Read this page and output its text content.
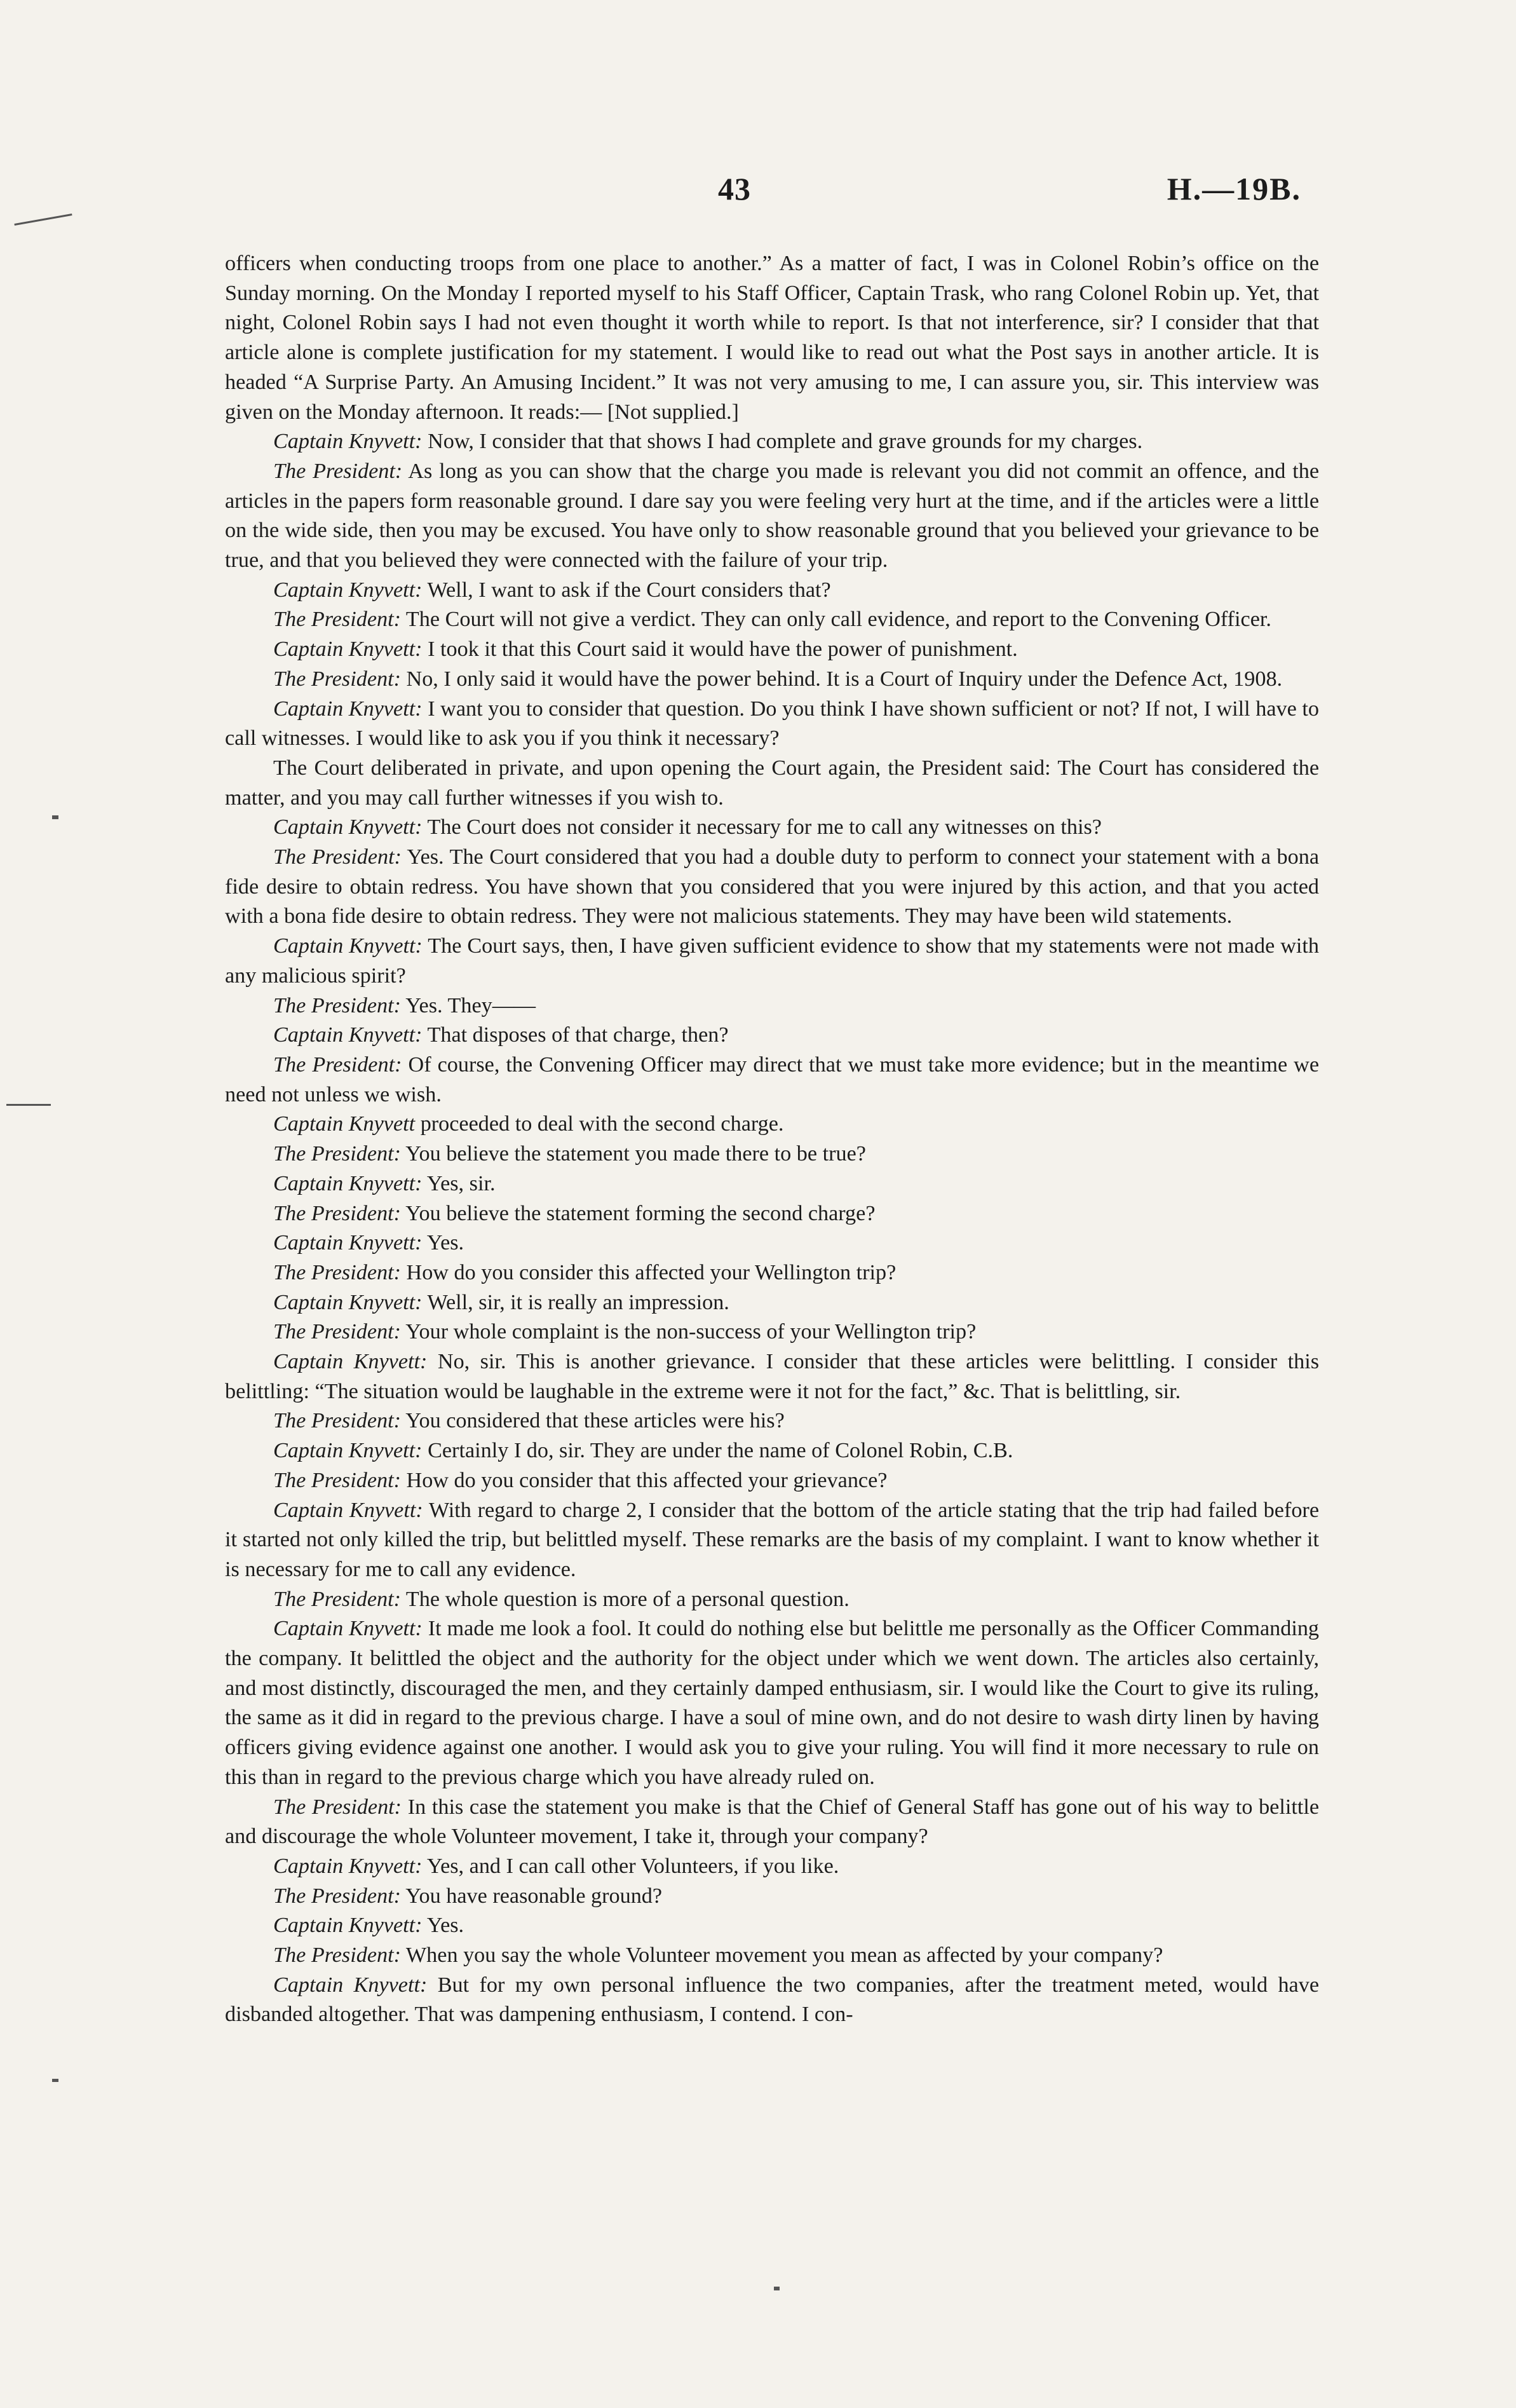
43	H.—19B.

officers when conducting troops from one place to another.” As a matter of fact, I was in Colonel Robin’s office on the Sunday morning. On the Monday I reported myself to his Staff Officer, Captain Trask, who rang Colonel Robin up. Yet, that night, Colonel Robin says I had not even thought it worth while to report. Is that not interference, sir? I consider that that article alone is complete justification for my statement. I would like to read out what the Post says in another article. It is headed “A Surprise Party. An Amusing Incident.” It was not very amusing to me, I can assure you, sir. This interview was given on the Monday afternoon. It reads:— [Not supplied.]

Captain Knyvett: Now, I consider that that shows I had complete and grave grounds for my charges.

The President: As long as you can show that the charge you made is relevant you did not commit an offence, and the articles in the papers form reasonable ground. I dare say you were feeling very hurt at the time, and if the articles were a little on the wide side, then you may be excused. You have only to show reasonable ground that you believed your grievance to be true, and that you believed they were connected with the failure of your trip.

Captain Knyvett: Well, I want to ask if the Court considers that?

The President: The Court will not give a verdict. They can only call evidence, and report to the Convening Officer.

Captain Knyvett: I took it that this Court said it would have the power of punishment.

The President: No, I only said it would have the power behind. It is a Court of Inquiry under the Defence Act, 1908.

Captain Knyvett: I want you to consider that question. Do you think I have shown sufficient or not? If not, I will have to call witnesses. I would like to ask you if you think it necessary?

The Court deliberated in private, and upon opening the Court again, the President said: The Court has considered the matter, and you may call further witnesses if you wish to.

Captain Knyvett: The Court does not consider it necessary for me to call any witnesses on this?

The President: Yes. The Court considered that you had a double duty to perform to connect your statement with a bona fide desire to obtain redress. You have shown that you considered that you were injured by this action, and that you acted with a bona fide desire to obtain redress. They were not malicious statements. They may have been wild statements.

Captain Knyvett: The Court says, then, I have given sufficient evidence to show that my statements were not made with any malicious spirit?

The President: Yes. They——

Captain Knyvett: That disposes of that charge, then?

The President: Of course, the Convening Officer may direct that we must take more evidence; but in the meantime we need not unless we wish.

Captain Knyvett proceeded to deal with the second charge.

The President: You believe the statement you made there to be true?

Captain Knyvett: Yes, sir.

The President: You believe the statement forming the second charge?

Captain Knyvett: Yes.

The President: How do you consider this affected your Wellington trip?

Captain Knyvett: Well, sir, it is really an impression.

The President: Your whole complaint is the non-success of your Wellington trip?

Captain Knyvett: No, sir. This is another grievance. I consider that these articles were belittling. I consider this belittling: “The situation would be laughable in the extreme were it not for the fact,” &c. That is belittling, sir.

The President: You considered that these articles were his?

Captain Knyvett: Certainly I do, sir. They are under the name of Colonel Robin, C.B.

The President: How do you consider that this affected your grievance?

Captain Knyvett: With regard to charge 2, I consider that the bottom of the article stating that the trip had failed before it started not only killed the trip, but belittled myself. These remarks are the basis of my complaint. I want to know whether it is necessary for me to call any evidence.

The President: The whole question is more of a personal question.

Captain Knyvett: It made me look a fool. It could do nothing else but belittle me personally as the Officer Commanding the company. It belittled the object and the authority for the object under which we went down. The articles also certainly, and most distinctly, discouraged the men, and they certainly damped enthusiasm, sir. I would like the Court to give its ruling, the same as it did in regard to the previous charge. I have a soul of mine own, and do not desire to wash dirty linen by having officers giving evidence against one another. I would ask you to give your ruling. You will find it more necessary to rule on this than in regard to the previous charge which you have already ruled on.

The President: In this case the statement you make is that the Chief of General Staff has gone out of his way to belittle and discourage the whole Volunteer movement, I take it, through your company?

Captain Knyvett: Yes, and I can call other Volunteers, if you like.

The President: You have reasonable ground?

Captain Knyvett: Yes.

The President: When you say the whole Volunteer movement you mean as affected by your company?

Captain Knyvett: But for my own personal influence the two companies, after the treatment meted, would have disbanded altogether. That was dampening enthusiasm, I contend. I con-
